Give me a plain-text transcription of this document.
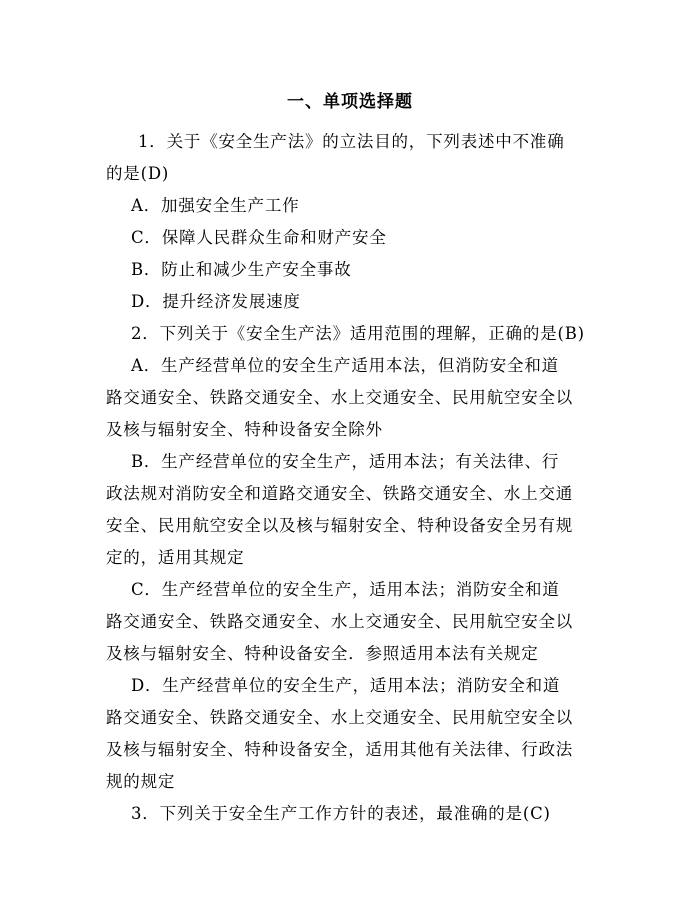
一、单项选择题
1．关于《安全生产法》的立法目的，下列表述中不准确
的是(D)
A．加强安全生产工作
C．保障人民群众生命和财产安全
B．防止和减少生产安全事故
D．提升经济发展速度
2．下列关于《安全生产法》适用范围的理解，正确的是(B)
A．生产经营单位的安全生产适用本法，但消防安全和道
路交通安全、铁路交通安全、水上交通安全、民用航空安全以
及核与辐射安全、特种设备安全除外
B．生产经营单位的安全生产，适用本法；有关法律、行
政法规对消防安全和道路交通安全、铁路交通安全、水上交通
安全、民用航空安全以及核与辐射安全、特种设备安全另有规
定的，适用其规定
C．生产经营单位的安全生产，适用本法；消防安全和道
路交通安全、铁路交通安全、水上交通安全、民用航空安全以
及核与辐射安全、特种设备安全．参照适用本法有关规定
D．生产经营单位的安全生产，适用本法；消防安全和道
路交通安全、铁路交通安全、水上交通安全、民用航空安全以
及核与辐射安全、特种设备安全，适用其他有关法律、行政法
规的规定
3．下列关于安全生产工作方针的表述，最准确的是(C)
